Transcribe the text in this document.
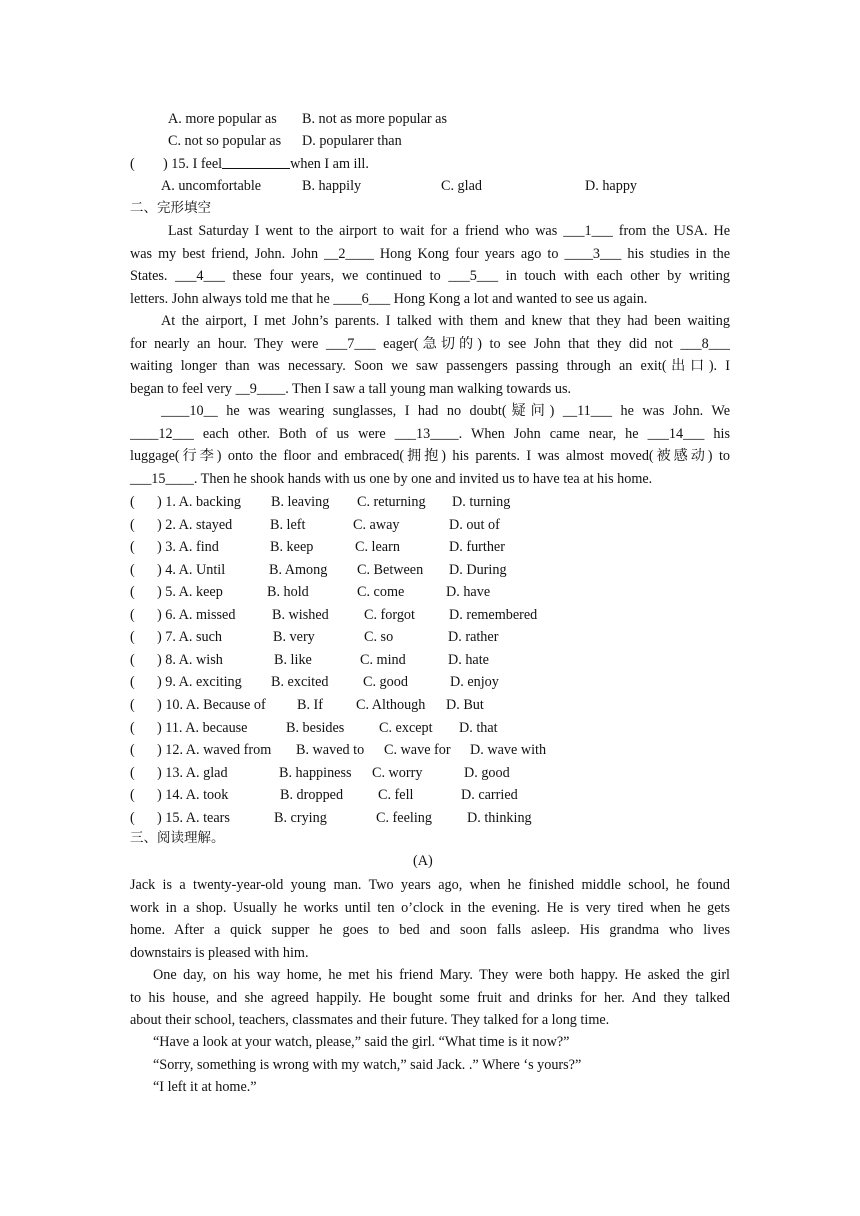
A. more popular as B. not as more popular as
C. not so popular as D. popularer than
( ) 15. I feel	when I am ill.
A. uncomfortable	B. happily	C. glad	D. happy
二、完形填空
Last Saturday I went to the airport to wait for a friend who was ___1___ from the USA. He
was my best friend, John. John __2____ Hong Kong four years ago to ____3___ his studies in the
States. ___4___ these four years, we continued to ___5___ in touch with each other by writing
letters. John always told me that he ____6___ Hong Kong a lot and wanted to see us again.
At the airport, I met John’s parents. I talked with them and knew that they had been waiting
for nearly an hour. They were ___7___ eager(急切的) to see John that they did not ___8___
waiting longer than was necessary. Soon we saw passengers passing through an exit(出口). I
began to feel very __9____. Then I saw a tall young man walking towards us.
____10__ he was wearing sunglasses, I had no doubt(疑问) __11___ he was John. We
____12___ each other. Both of us were ___13____. When John came near, he ___14___ his
luggage(行李) onto the floor and embraced(拥抱) his parents. I was almost moved(被感动) to
___15____. Then he shook hands with us one by one and invited us to have tea at his home.
( ) 1. A. backing B. leaving C. returning D. turning
( ) 2. A. stayed	B. left	C. away	D. out of
( ) 3. A. find	B. keep	C. learn	D. further
( ) 4. A. Until	B. Among C. Between D. During
( ) 5. A. keep	B. hold	C. come	D. have
( ) 6. A. missed	B. wished C. forgot D. remembered
( ) 7. A. such	B. very	C. so	D. rather
( ) 8. A. wish	B. like	C. mind	D. hate
( ) 9. A. exciting B. excited C. good	D. enjoy
( ) 10. A. Because of B. If C. Although D. But
( ) 11. A. because	B. besides C. except D. that
( ) 12. A. waved from B. waved to C. wave for D. wave with
( ) 13. A. glad	B. happiness C. worry	D. good
( ) 14. A. took	B. dropped C. fell	D. carried
( ) 15. A. tears	B. crying	C. feeling D. thinking
三、阅读理解。
(A)
Jack is a twenty-year-old young man. Two years ago, when he finished middle school, he found
work in a shop. Usually he works until ten o’clock in the evening. He is very tired when he gets
home. After a quick supper he goes to bed and soon falls asleep. His grandma who lives
downstairs is pleased with him.
One day, on his way home, he met his friend Mary. They were both happy. He asked the girl
to his house, and she agreed happily. He bought some fruit and drinks for her. And they talked
about their school, teachers, classmates and their future. They talked for a long time.
“Have a look at your watch, please,” said the girl. “What time is it now?”
“Sorry, something is wrong with my watch,” said Jack. .” Where ‘s yours?”
“I left it at home.”
